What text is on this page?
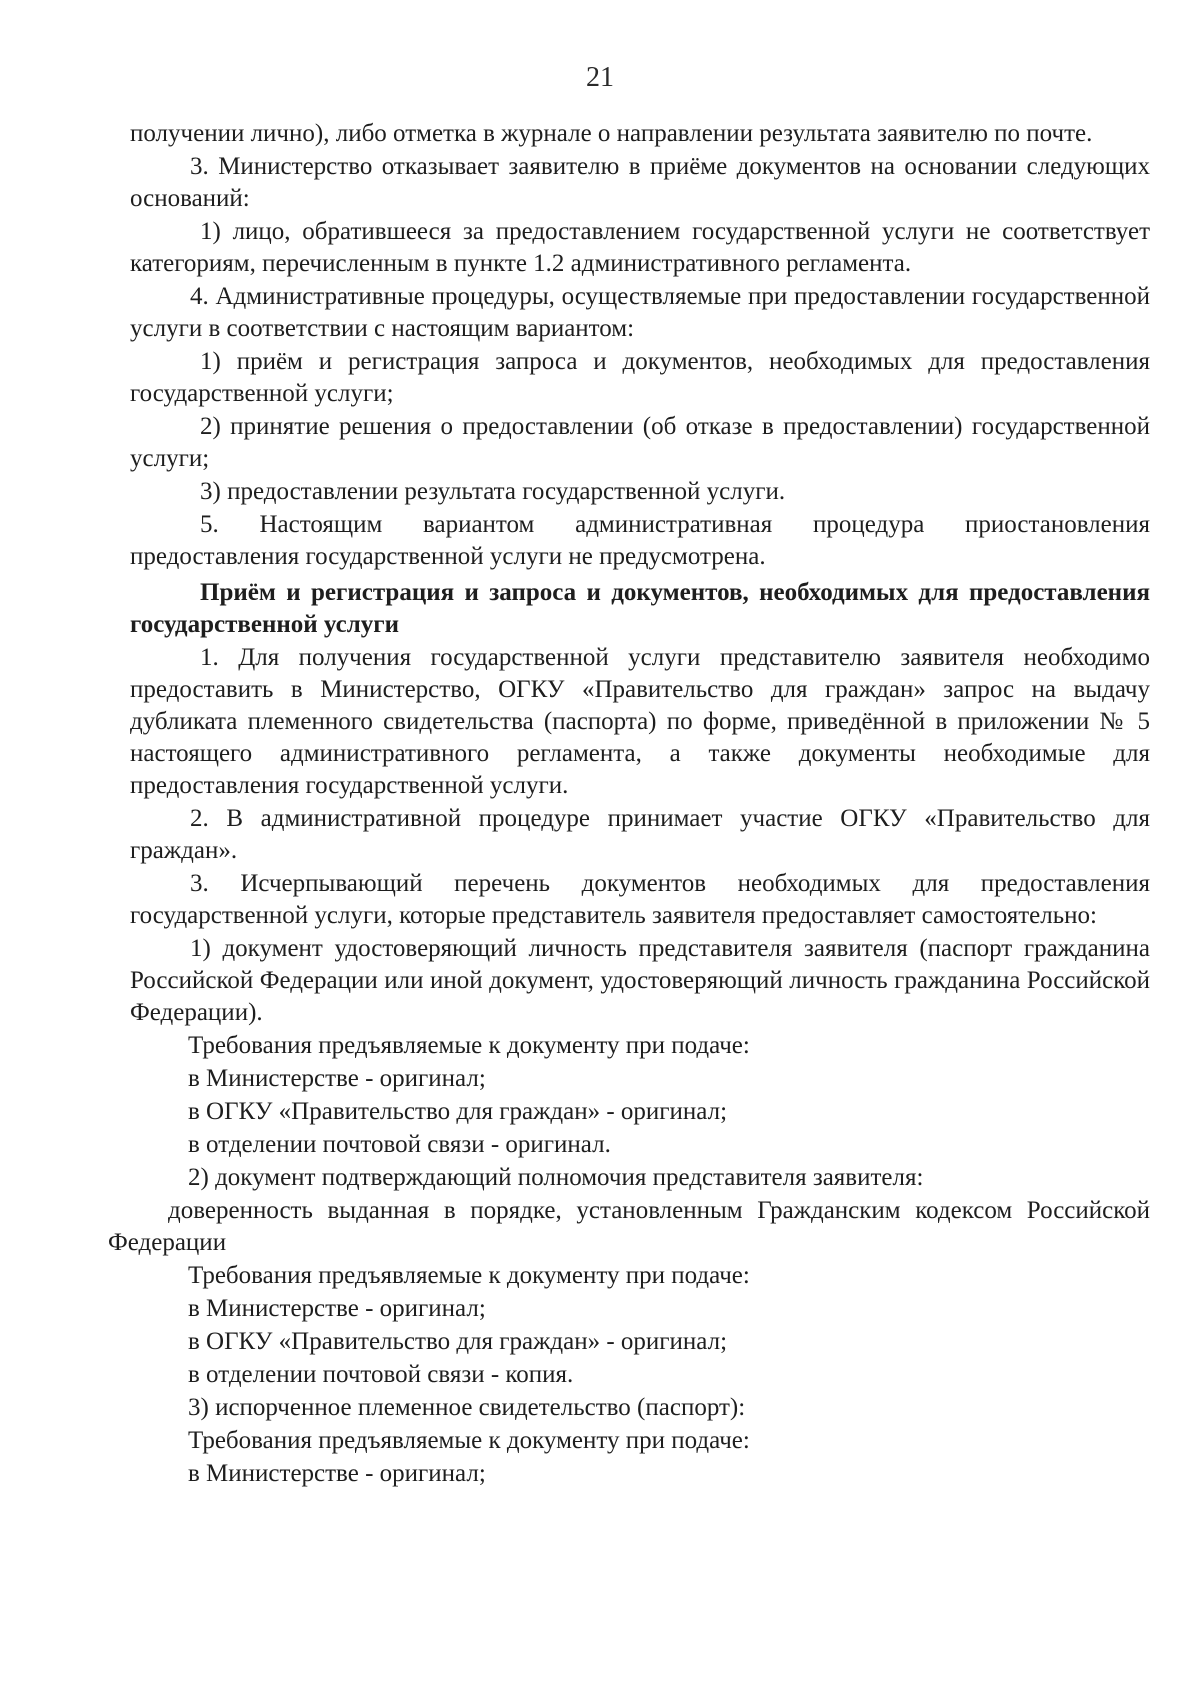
21

получении лично), либо отметка в журнале о направлении результата заявителю по почте.

3. Министерство отказывает заявителю в приёме документов на основании следующих оснований:

1) лицо, обратившееся за предоставлением государственной услуги не соответствует категориям, перечисленным в пункте 1.2 административного регламента.

4. Административные процедуры, осуществляемые при предоставлении государственной услуги в соответствии с настоящим вариантом:

1) приём и регистрация запроса и документов, необходимых для предоставления государственной услуги;

2) принятие решения о предоставлении (об отказе в предоставлении) государственной услуги;

3) предоставлении результата государственной услуги.

5. Настоящим вариантом административная процедура приостановления предоставления государственной услуги не предусмотрена.

Приём и регистрация и запроса и документов, необходимых для предоставления государственной услуги

1. Для получения государственной услуги представителю заявителя необходимо предоставить в Министерство, ОГКУ «Правительство для граждан» запрос на выдачу дубликата племенного свидетельства (паспорта) по форме, приведённой в приложении № 5 настоящего административного регламента, а также документы необходимые для предоставления государственной услуги.

2. В административной процедуре принимает участие ОГКУ «Правительство для граждан».

3. Исчерпывающий перечень документов необходимых для предоставления государственной услуги, которые представитель заявителя предоставляет самостоятельно:

1) документ удостоверяющий личность представителя заявителя (паспорт гражданина Российской Федерации или иной документ, удостоверяющий личность гражданина Российской Федерации).

Требования предъявляемые к документу при подаче:

в Министерстве - оригинал;

в ОГКУ «Правительство для граждан» - оригинал;

в отделении почтовой связи - оригинал.

2) документ подтверждающий полномочия представителя заявителя:

доверенность выданная в порядке, установленным Гражданским кодексом Российской Федерации

Требования предъявляемые к документу при подаче:

в Министерстве - оригинал;

в ОГКУ «Правительство для граждан» - оригинал;

в отделении почтовой связи - копия.

3) испорченное племенное свидетельство (паспорт):

Требования предъявляемые к документу при подаче:

в Министерстве - оригинал;
